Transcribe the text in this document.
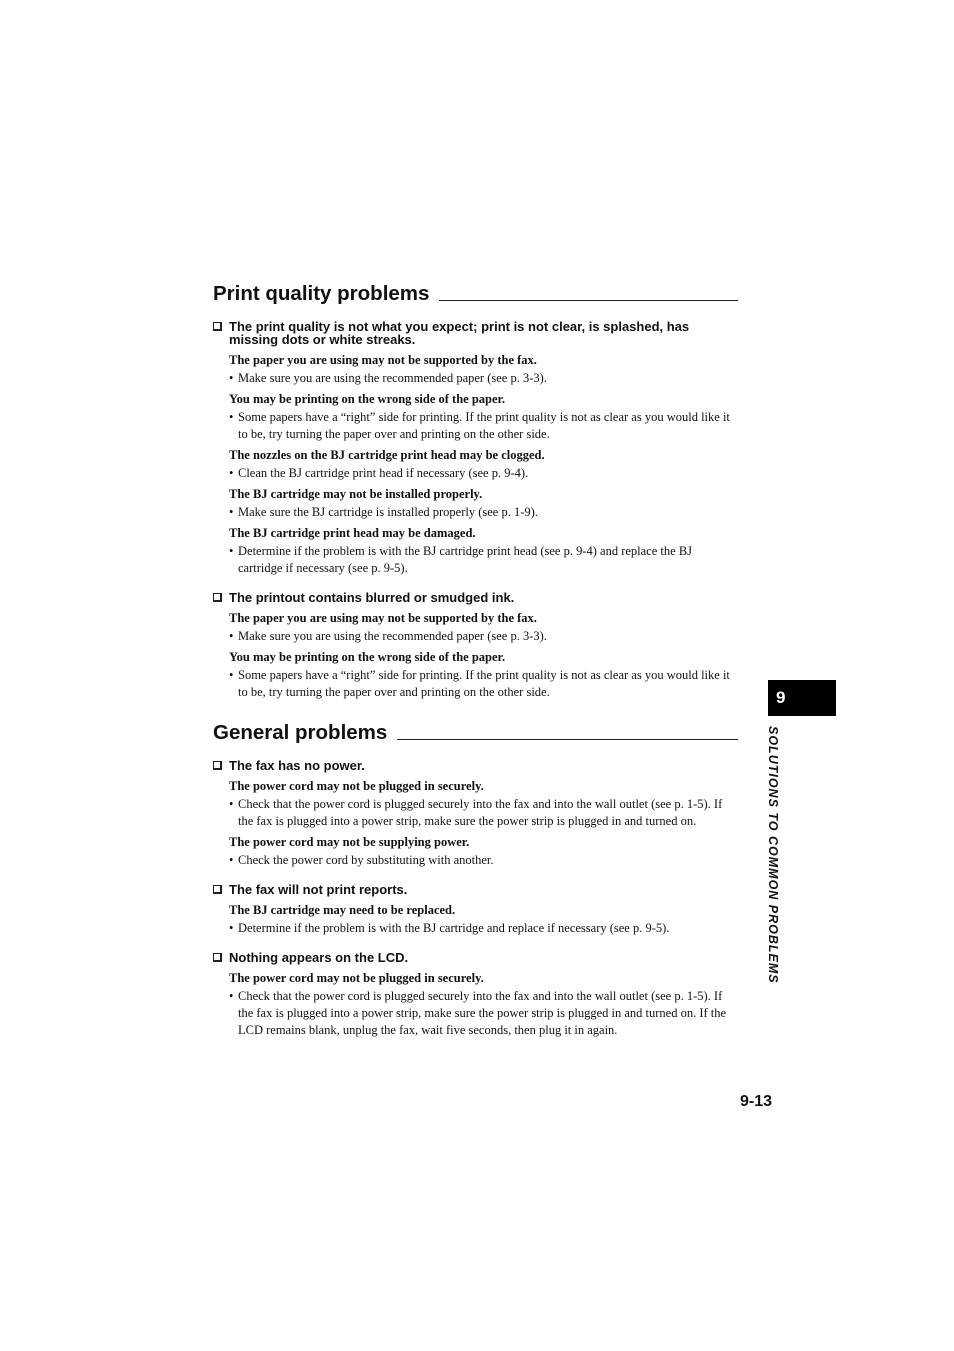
Print quality problems
The print quality is not what you expect; print is not clear, is splashed, has missing dots or white streaks.
The paper you are using may not be supported by the fax.
• Make sure you are using the recommended paper (see p. 3-3).
You may be printing on the wrong side of the paper.
• Some papers have a “right” side for printing. If the print quality is not as clear as you would like it to be, try turning the paper over and printing on the other side.
The nozzles on the BJ cartridge print head may be clogged.
• Clean the BJ cartridge print head if necessary (see p. 9-4).
The BJ cartridge may not be installed properly.
• Make sure the BJ cartridge is installed properly (see p. 1-9).
The BJ cartridge print head may be damaged.
• Determine if the problem is with the BJ cartridge print head (see p. 9-4) and replace the BJ cartridge if necessary (see p. 9-5).
The printout contains blurred or smudged ink.
The paper you are using may not be supported by the fax.
• Make sure you are using the recommended paper (see p. 3-3).
You may be printing on the wrong side of the paper.
• Some papers have a “right” side for printing. If the print quality is not as clear as you would like it to be, try turning the paper over and printing on the other side.
General problems
The fax has no power.
The power cord may not be plugged in securely.
• Check that the power cord is plugged securely into the fax and into the wall outlet (see p. 1-5). If the fax is plugged into a power strip, make sure the power strip is plugged in and turned on.
The power cord may not be supplying power.
• Check the power cord by substituting with another.
The fax will not print reports.
The BJ cartridge may need to be replaced.
• Determine if the problem is with the BJ cartridge and replace if necessary (see p. 9-5).
Nothing appears on the LCD.
The power cord may not be plugged in securely.
• Check that the power cord is plugged securely into the fax and into the wall outlet (see p. 1-5). If the fax is plugged into a power strip, make sure the power strip is plugged in and turned on. If the LCD remains blank, unplug the fax, wait five seconds, then plug it in again.
9
SOLUTIONS TO COMMON PROBLEMS
9-13
